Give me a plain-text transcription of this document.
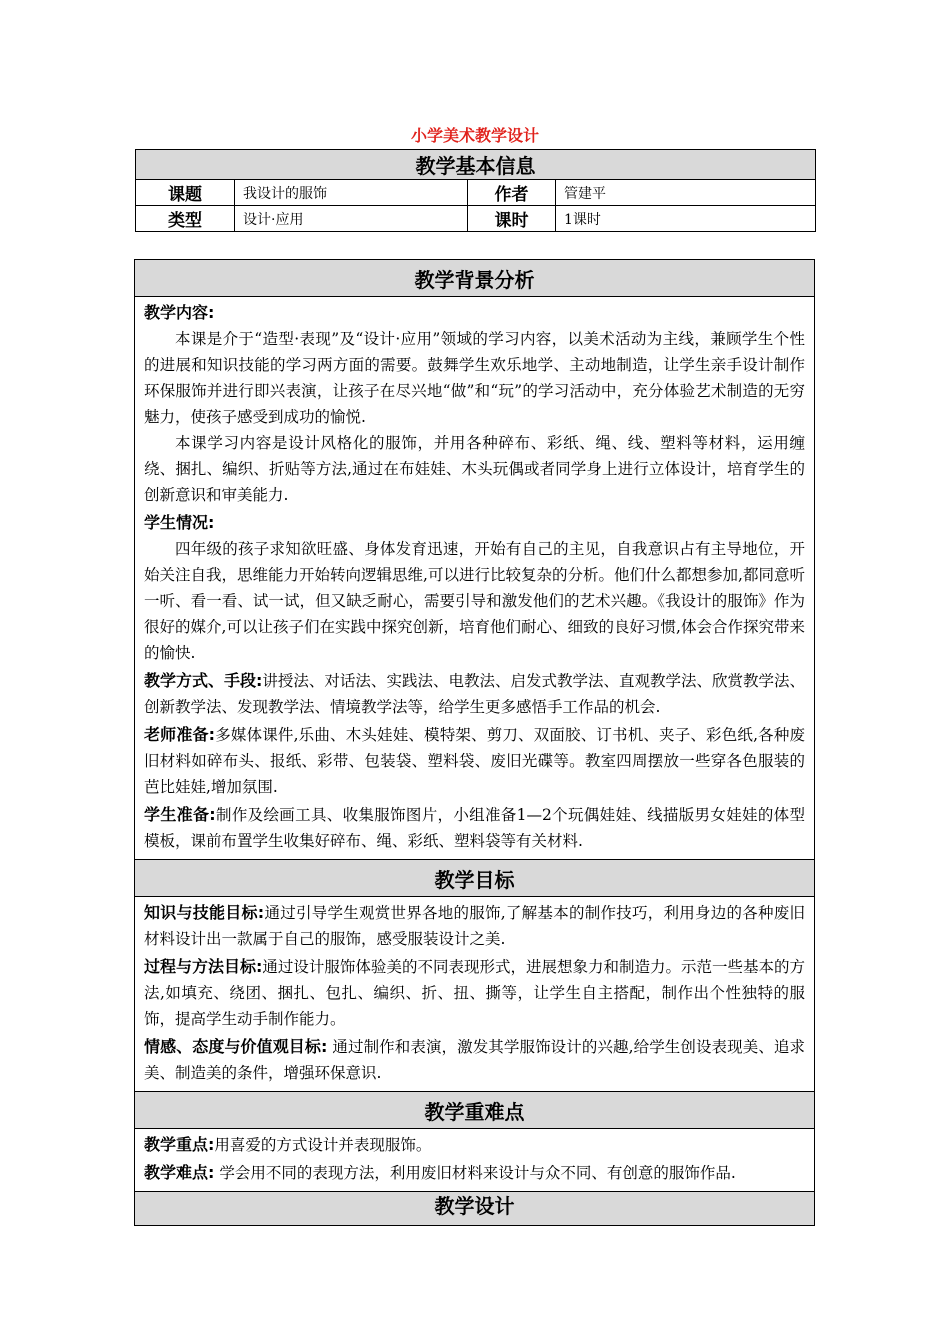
小学美术教学设计
教学基本信息			
课题	我设计的服饰	作者	管建平
类型	设计·应用	课时	1课时
教学背景分析

教学内容:

本课是介于“造型·表现”及“设计·应用”领域的学习内容，以美术活动为主线，兼顾学生个性的进展和知识技能的学习两方面的需要。鼓舞学生欢乐地学、主动地制造，让学生亲手设计制作环保服饰并进行即兴表演，让孩子在尽兴地“做”和“玩”的学习活动中，充分体验艺术制造的无穷魅力，使孩子感受到成功的愉悦.

本课学习内容是设计风格化的服饰，并用各种碎布、彩纸、绳、线、塑料等材料，运用缠绕、捆扎、编织、折贴等方法,通过在布娃娃、木头玩偶或者同学身上进行立体设计，培育学生的创新意识和审美能力.

学生情况:

四年级的孩子求知欲旺盛、身体发育迅速，开始有自己的主见，自我意识占有主导地位，开始关注自我，思维能力开始转向逻辑思维,可以进行比较复杂的分析。他们什么都想参加,都同意听一听、看一看、试一试，但又缺乏耐心，需要引导和激发他们的艺术兴趣。《我设计的服饰》作为很好的媒介,可以让孩子们在实践中探究创新，培育他们耐心、细致的良好习惯,体会合作探究带来的愉快.

教学方式、手段:讲授法、对话法、实践法、电教法、启发式教学法、直观教学法、欣赏教学法、创新教学法、发现教学法、情境教学法等，给学生更多感悟手工作品的机会.

老师准备:多媒体课件,乐曲、木头娃娃、模特架、剪刀、双面胶、订书机、夹子、彩色纸,各种废旧材料如碎布头、报纸、彩带、包装袋、塑料袋、废旧光碟等。教室四周摆放一些穿各色服装的芭比娃娃,增加氛围.

学生准备:制作及绘画工具、收集服饰图片，小组准备1—2个玩偶娃娃、线描版男女娃娃的体型模板，课前布置学生收集好碎布、绳、彩纸、塑料袋等有关材料.

教学目标

知识与技能目标:通过引导学生观赏世界各地的服饰,了解基本的制作技巧，利用身边的各种废旧材料设计出一款属于自己的服饰，感受服装设计之美.

过程与方法目标:通过设计服饰体验美的不同表现形式，进展想象力和制造力。示范一些基本的方法,如填充、绕团、捆扎、包扎、编织、折、扭、撕等，让学生自主搭配，制作出个性独特的服饰，提高学生动手制作能力。

情感、态度与价值观目标: 通过制作和表演，激发其学服饰设计的兴趣,给学生创设表现美、追求美、制造美的条件，增强环保意识.

教学重难点

教学重点:用喜爱的方式设计并表现服饰。

教学难点: 学会用不同的表现方法，利用废旧材料来设计与众不同、有创意的服饰作品.

教学设计
